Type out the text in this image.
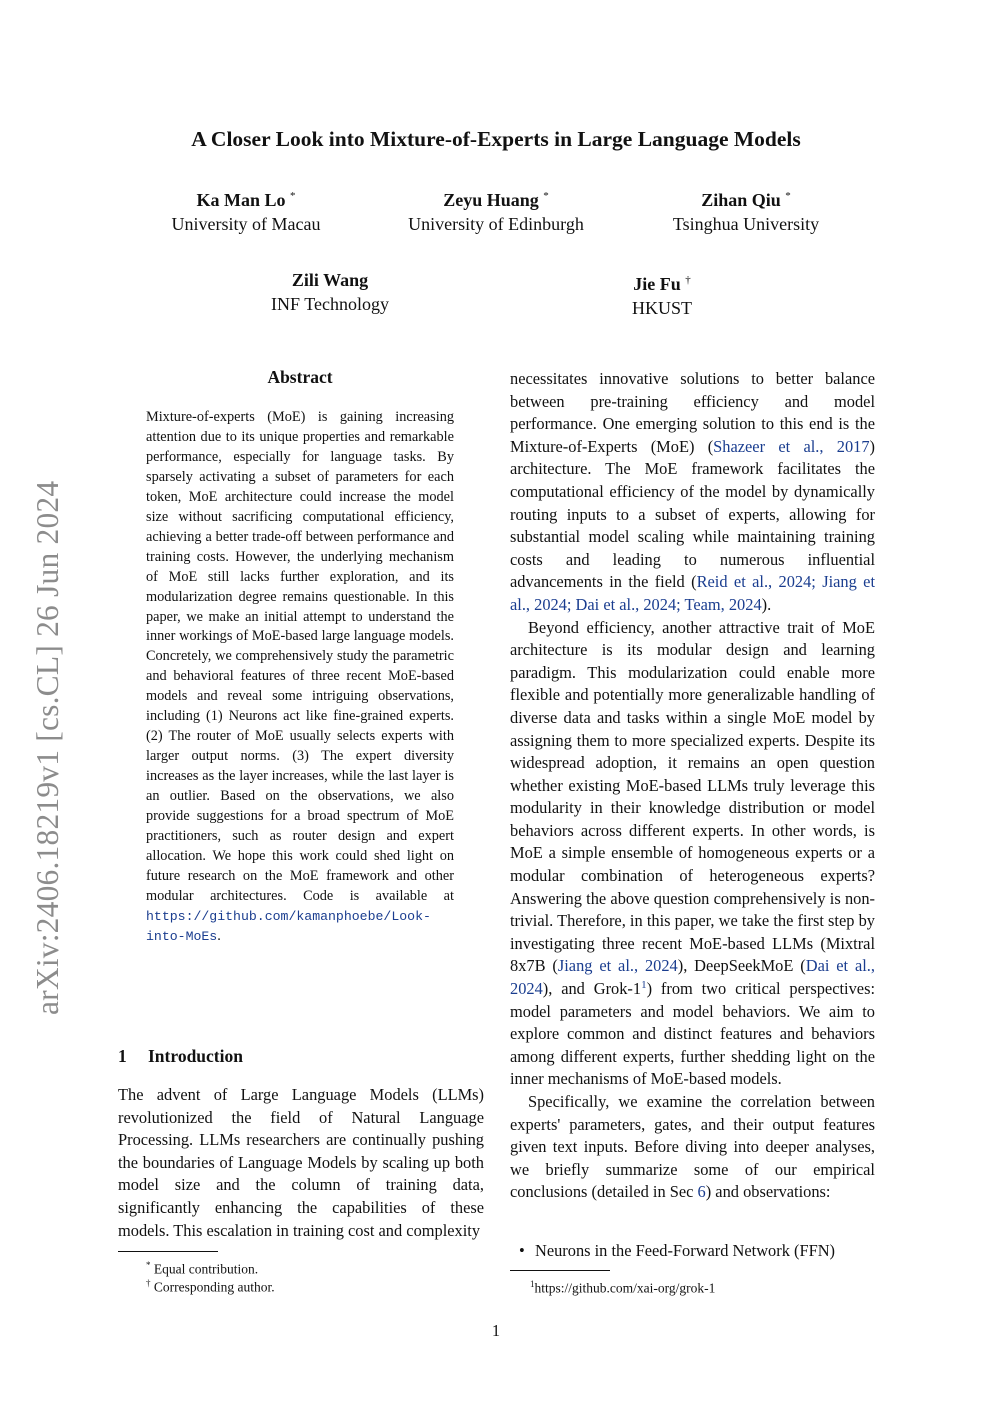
arXiv:2406.18219v1 [cs.CL] 26 Jun 2024
A Closer Look into Mixture-of-Experts in Large Language Models
Ka Man Lo *
University of Macau
Zeyu Huang *
University of Edinburgh
Zihan Qiu *
Tsinghua University
Zili Wang
INF Technology
Jie Fu †
HKUST
Abstract
Mixture-of-experts (MoE) is gaining increasing attention due to its unique properties and remarkable performance, especially for language tasks. By sparsely activating a subset of parameters for each token, MoE architecture could increase the model size without sacrificing computational efficiency, achieving a better trade-off between performance and training costs. However, the underlying mechanism of MoE still lacks further exploration, and its modularization degree remains questionable. In this paper, we make an initial attempt to understand the inner workings of MoE-based large language models. Concretely, we comprehensively study the parametric and behavioral features of three recent MoE-based models and reveal some intriguing observations, including (1) Neurons act like fine-grained experts. (2) The router of MoE usually selects experts with larger output norms. (3) The expert diversity increases as the layer increases, while the last layer is an outlier. Based on the observations, we also provide suggestions for a broad spectrum of MoE practitioners, such as router design and expert allocation. We hope this work could shed light on future research on the MoE framework and other modular architectures. Code is available at https://github.com/kamanphoebe/Look-into-MoEs.
1 Introduction
The advent of Large Language Models (LLMs) revolutionized the field of Natural Language Processing. LLMs researchers are continually pushing the boundaries of Language Models by scaling up both model size and the column of training data, significantly enhancing the capabilities of these models. This escalation in training cost and complexity
* Equal contribution.
† Corresponding author.

necessitates innovative solutions to better balance between pre-training efficiency and model performance. One emerging solution to this end is the Mixture-of-Experts (MoE) (Shazeer et al., 2017) architecture. The MoE framework facilitates the computational efficiency of the model by dynamically routing inputs to a subset of experts, allowing for substantial model scaling while maintaining training costs and leading to numerous influential advancements in the field (Reid et al., 2024; Jiang et al., 2024; Dai et al., 2024; Team, 2024).

Beyond efficiency, another attractive trait of MoE architecture is its modular design and learning paradigm. This modularization could enable more flexible and potentially more generalizable handling of diverse data and tasks within a single MoE model by assigning them to more specialized experts. Despite its widespread adoption, it remains an open question whether existing MoE-based LLMs truly leverage this modularity in their knowledge distribution or model behaviors across different experts. In other words, is MoE a simple ensemble of homogeneous experts or a modular combination of heterogeneous experts? Answering the above question comprehensively is non-trivial. Therefore, in this paper, we take the first step by investigating three recent MoE-based LLMs (Mixtral 8x7B (Jiang et al., 2024), DeepSeekMoE (Dai et al., 2024), and Grok-1$^1$) from two critical perspectives: model parameters and model behaviors. We aim to explore common and distinct features and behaviors among different experts, further shedding light on the inner mechanisms of MoE-based models.

Specifically, we examine the correlation between experts' parameters, gates, and their output features given text inputs. Before diving into deeper analyses, we briefly summarize some of our empirical conclusions (detailed in Sec 6) and observations:

• Neurons in the Feed-Forward Network (FFN)
$^1$https://github.com/xai-org/grok-1
1
